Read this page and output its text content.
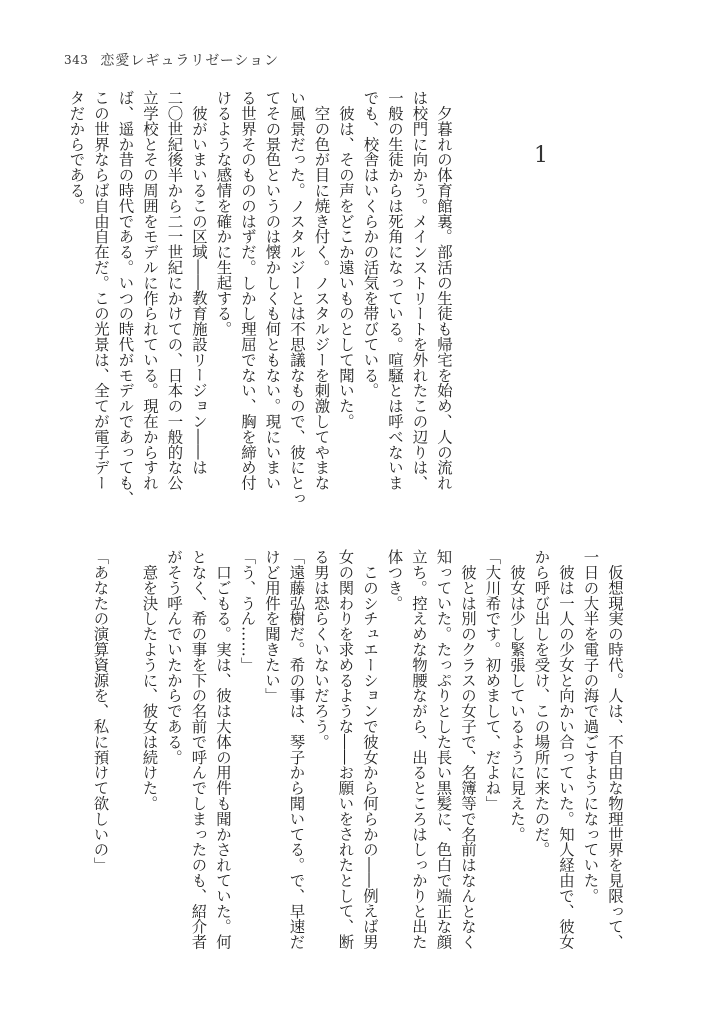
343 恋愛レギュラリゼーション
1
　夕暮れの体育館裏。部活の生徒も帰宅を始め、人の流れ
は校門に向かう。メインストリートを外れたこの辺りは、
一般の生徒からは死角になっている。喧騒とは呼べないま
でも、校舎はいくらかの活気を帯びている。
　彼は、その声をどこか遠いものとして聞いた。
　空の色が目に焼き付く。ノスタルジーを刺激してやまな
い風景だった。ノスタルジーとは不思議なもので、彼にとっ
てその景色というのは懐かしくも何ともない。現にいまい
る世界そのもののはずだ。しかし理屈でない、胸を締め付
けるような感情を確かに生起する。
　彼がいまいるこの区域――教育施設リージョン――は
二〇世紀後半から二一世紀にかけての、日本の一般的な公
立学校とその周囲をモデルに作られている。現在からすれ
ば、遥か昔の時代である。いつの時代がモデルであっても、
この世界ならば自由自在だ。この光景は、全てが電子デー
タだからである。
　仮想現実の時代。人は、不自由な物理世界を見限って、
一日の大半を電子の海で過ごすようになっていた。
　彼は一人の少女と向かい合っていた。知人経由で、彼女
から呼び出しを受け、この場所に来たのだ。
　彼女は少し緊張しているように見えた。
「大川希です。初めまして、だよね」
　彼とは別のクラスの女子で、名簿等で名前はなんとなく
知っていた。たっぷりとした長い黒髪に、色白で端正な顔
立ち。控えめな物腰ながら、出るところはしっかりと出た
体つき。
　このシチュエーションで彼女から何らかの――例えば男
女の関わりを求めるような――お願いをされたとして、断
る男は恐らくいないだろう。
「遠藤弘樹だ。希の事は、琴子から聞いてる。で、早速だ
けど用件を聞きたい」
「う、うん……」
　口ごもる。実は、彼は大体の用件も聞かされていた。何
となく、希の事を下の名前で呼んでしまったのも、紹介者
がそう呼んでいたからである。
　意を決したように、彼女は続けた。
「あなたの演算資源を、私に預けて欲しいの」
